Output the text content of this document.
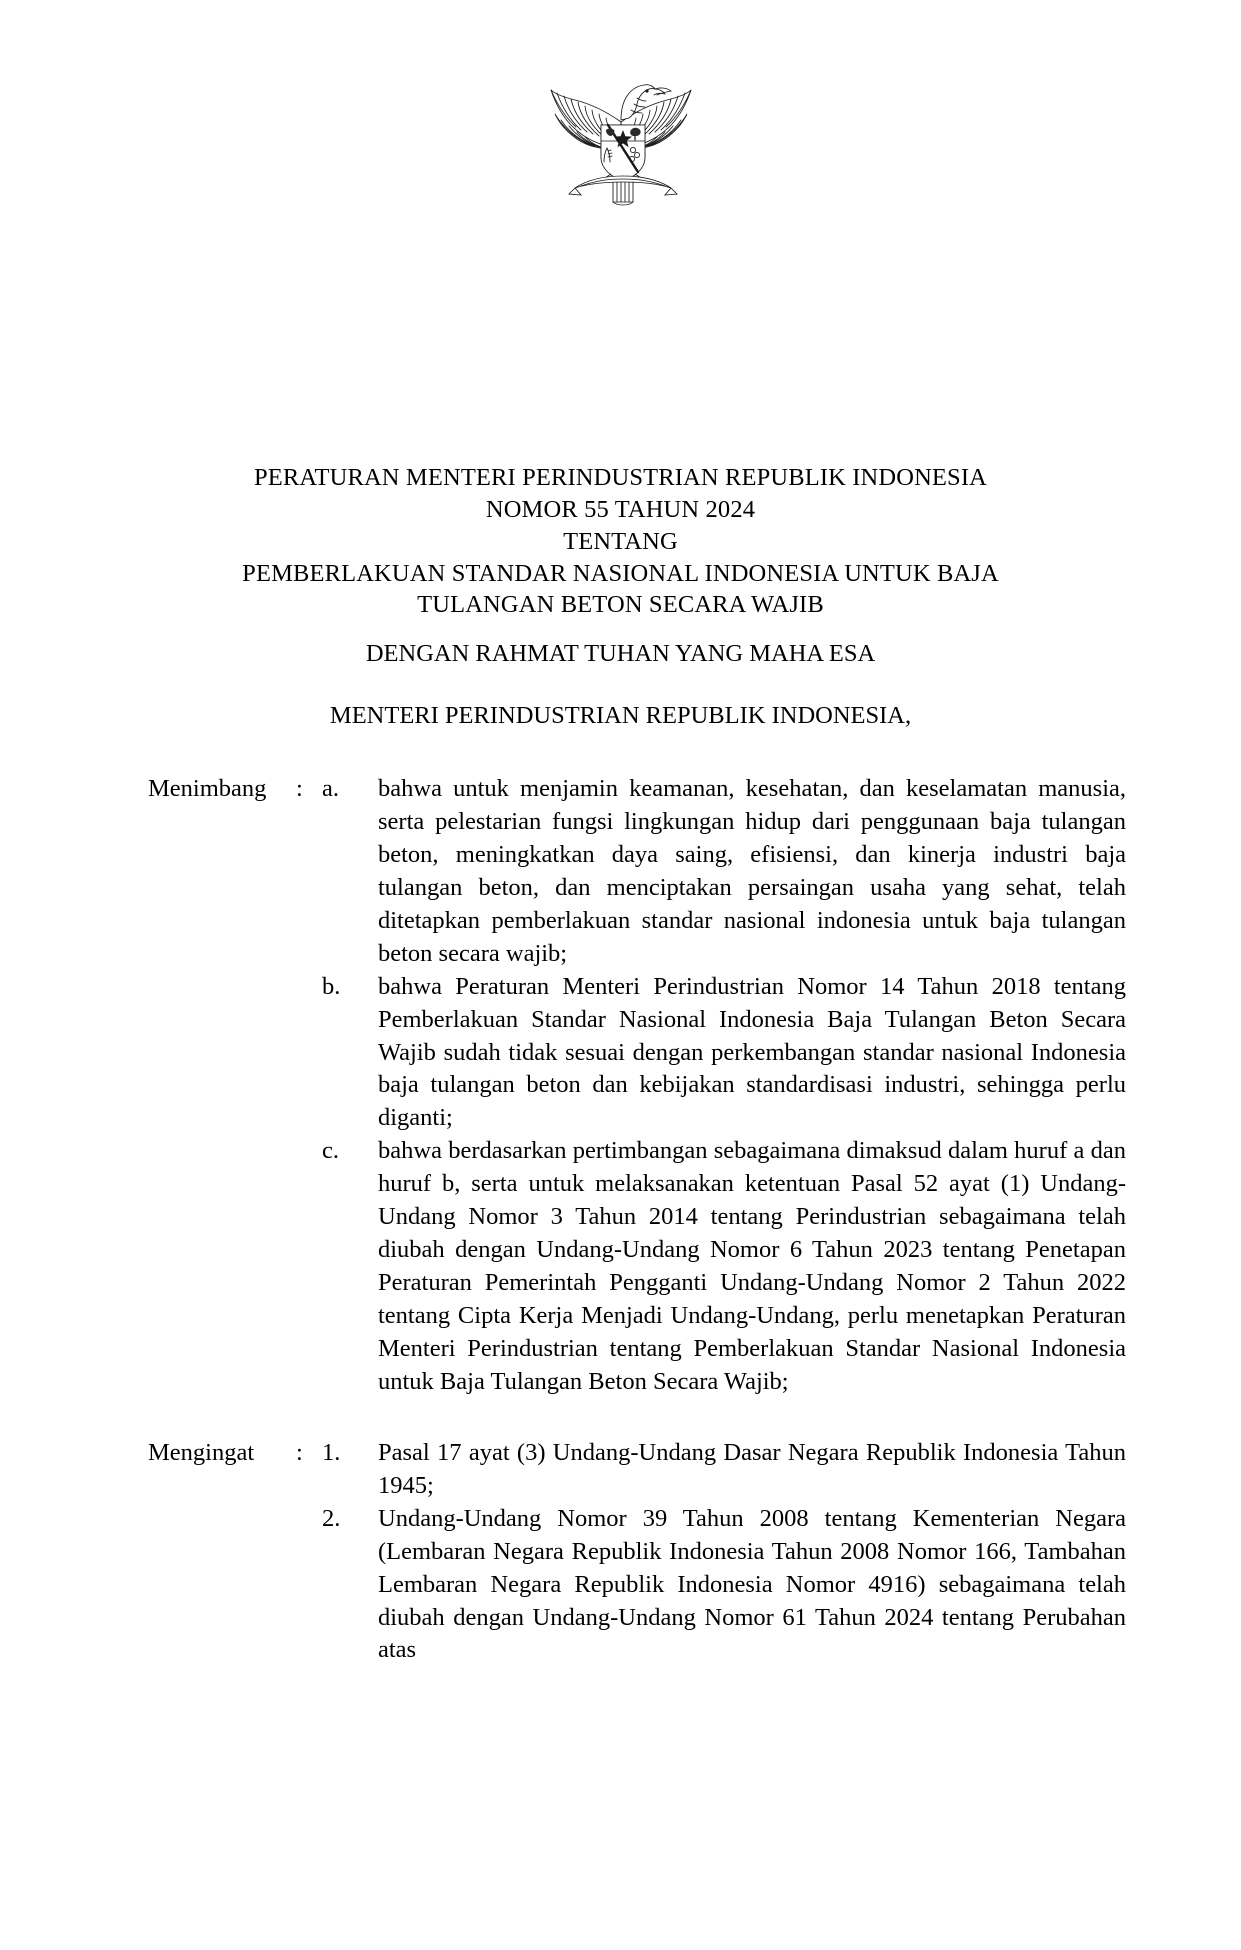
PERATURAN MENTERI PERINDUSTRIAN REPUBLIK INDONESIA
NOMOR 55 TAHUN 2024
TENTANG
PEMBERLAKUAN STANDAR NASIONAL INDONESIA UNTUK BAJA
TULANGAN BETON SECARA WAJIB
DENGAN RAHMAT TUHAN YANG MAHA ESA
MENTERI PERINDUSTRIAN REPUBLIK INDONESIA,
Menimbang	: a.	bahwa untuk menjamin keamanan, kesehatan, dan keselamatan manusia, serta pelestarian fungsi lingkungan hidup dari penggunaan baja tulangan beton, meningkatkan daya saing, efisiensi, dan kinerja industri baja tulangan beton, dan menciptakan persaingan usaha yang sehat, telah ditetapkan pemberlakuan standar nasional indonesia untuk baja tulangan beton secara wajib;
b.	bahwa Peraturan Menteri Perindustrian Nomor 14 Tahun 2018 tentang Pemberlakuan Standar Nasional Indonesia Baja Tulangan Beton Secara Wajib sudah tidak sesuai dengan perkembangan standar nasional Indonesia baja tulangan beton dan kebijakan standardisasi industri, sehingga perlu diganti;
c.	bahwa berdasarkan pertimbangan sebagaimana dimaksud dalam huruf a dan huruf b, serta untuk melaksanakan ketentuan Pasal 52 ayat (1) Undang-Undang Nomor 3 Tahun 2014 tentang Perindustrian sebagaimana telah diubah dengan Undang-Undang Nomor 6 Tahun 2023 tentang Penetapan Peraturan Pemerintah Pengganti Undang-Undang Nomor 2 Tahun 2022 tentang Cipta Kerja Menjadi Undang-Undang, perlu menetapkan Peraturan Menteri Perindustrian tentang Pemberlakuan Standar Nasional Indonesia untuk Baja Tulangan Beton Secara Wajib;
Mengingat	: 1.	Pasal 17 ayat (3) Undang-Undang Dasar Negara Republik Indonesia Tahun 1945;
2.	Undang-Undang Nomor 39 Tahun 2008 tentang Kementerian Negara (Lembaran Negara Republik Indonesia Tahun 2008 Nomor 166, Tambahan Lembaran Negara Republik Indonesia Nomor 4916) sebagaimana telah diubah dengan Undang-Undang Nomor 61 Tahun 2024 tentang Perubahan atas
